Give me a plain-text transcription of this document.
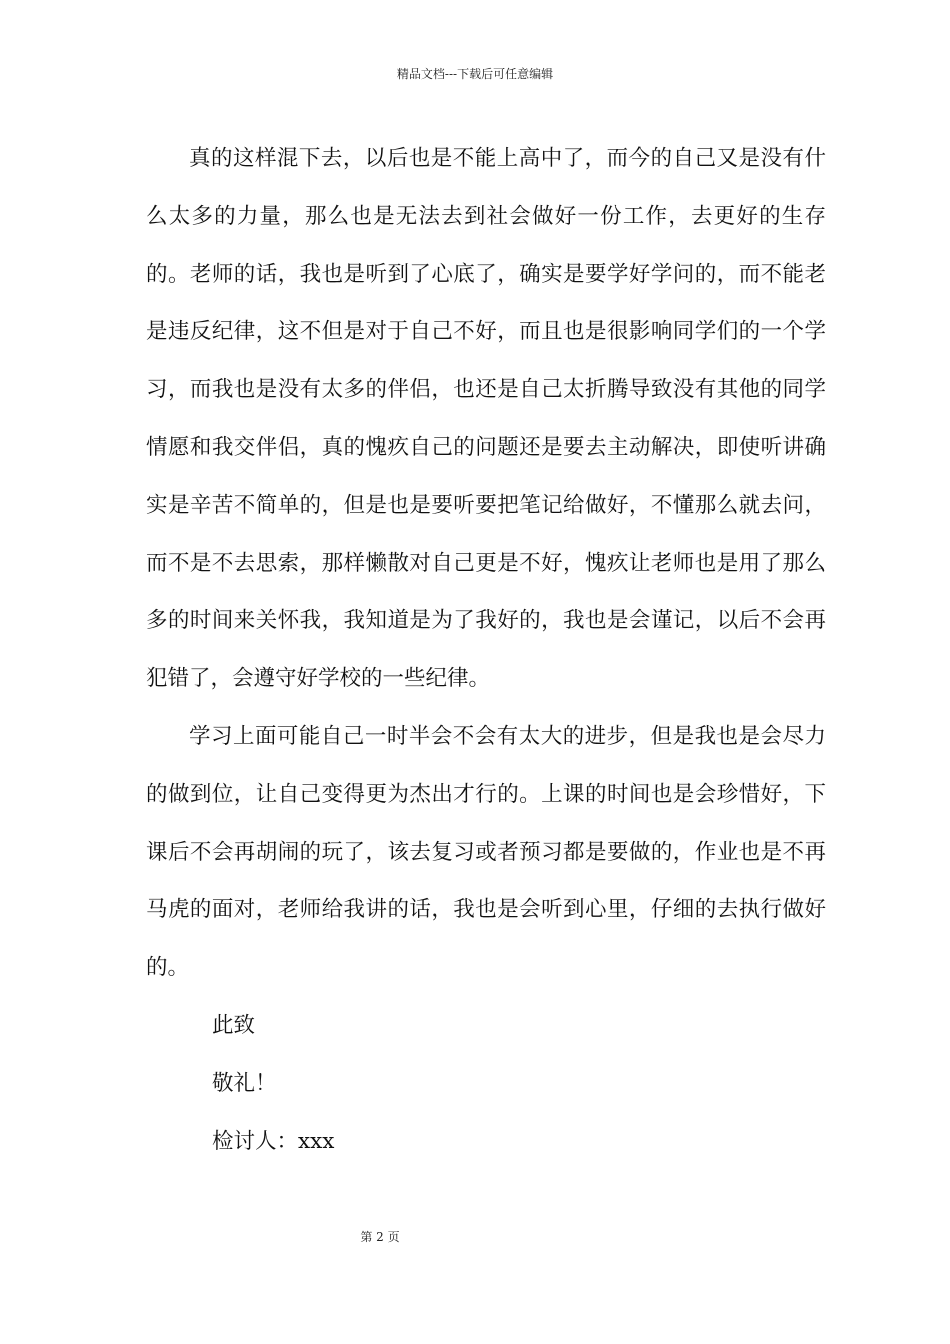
精品文档---下载后可任意编辑

真的这样混下去，以后也是不能上高中了，而今的自己又是没有什么太多的力量，那么也是无法去到社会做好一份工作，去更好的生存的。老师的话，我也是听到了心底了，确实是要学好学问的，而不能老是违反纪律，这不但是对于自己不好，而且也是很影响同学们的一个学习，而我也是没有太多的伴侣，也还是自己太折腾导致没有其他的同学情愿和我交伴侣，真的愧疚自己的问题还是要去主动解决，即使听讲确实是辛苦不简单的，但是也是要听要把笔记给做好，不懂那么就去问，而不是不去思索，那样懒散对自己更是不好，愧疚让老师也是用了那么多的时间来关怀我，我知道是为了我好的，我也是会谨记，以后不会再犯错了，会遵守好学校的一些纪律。

学习上面可能自己一时半会不会有太大的进步，但是我也是会尽力的做到位，让自己变得更为杰出才行的。上课的时间也是会珍惜好，下课后不会再胡闹的玩了，该去复习或者预习都是要做的，作业也是不再马虎的面对，老师给我讲的话，我也是会听到心里，仔细的去执行做好的。

此致

敬礼！

检讨人：xxx

第 2 页
